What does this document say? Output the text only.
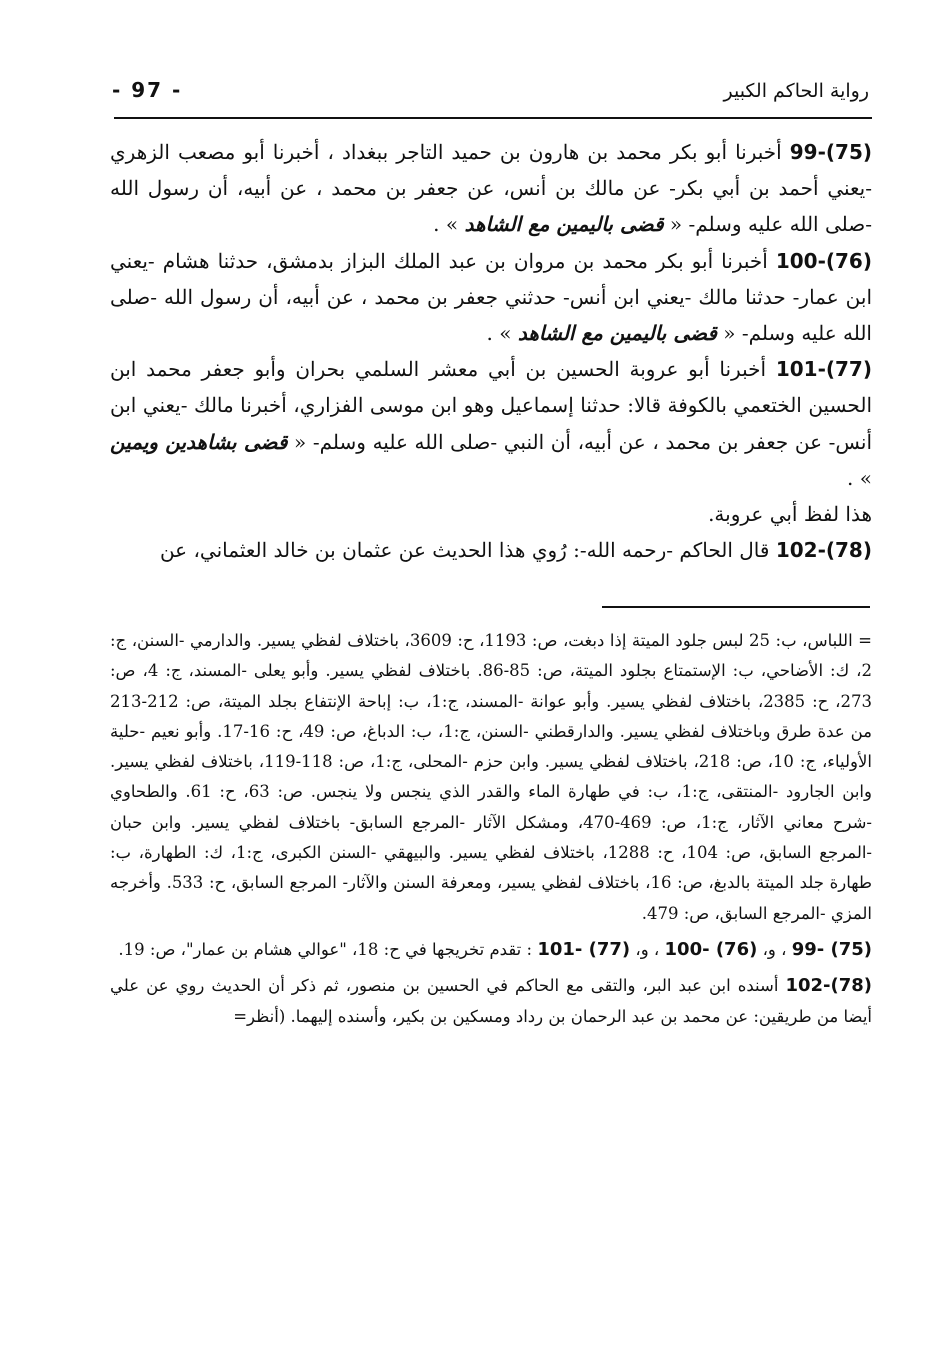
- 97 -	رواية الحاكم الكبير

99-(75) أخبرنا أبو بكر محمد بن هارون بن حميد التاجر ببغداد ، أخبرنا أبو مصعب الزهري -يعني أحمد بن أبي بكر- عن مالك بن أنس، عن جعفر بن محمد ، عن أبيه، أن رسول الله -صلى الله عليه وسلم- « قضى باليمين مع الشاهد » .

100-(76) أخبرنا أبو بكر محمد بن مروان بن عبد الملك البزاز بدمشق، حدثنا هشام -يعني ابن عمار- حدثنا مالك -يعني ابن أنس- حدثني جعفر بن محمد ، عن أبيه، أن رسول الله -صلى الله عليه وسلم- « قضى باليمين مع الشاهد » .

101-(77) أخبرنا أبو عروبة الحسين بن أبي معشر السلمي بحران وأبو جعفر محمد ابن الحسين الختعمي بالكوفة قالا: حدثنا إسماعيل وهو ابن موسى الفزاري، أخبرنا مالك -يعني ابن أنس- عن جعفر بن محمد ، عن أبيه، أن النبي -صلى الله عليه وسلم- « قضى بشاهدين ويمين » .

هذا لفظ أبي عروبة.

102-(78) قال الحاكم -رحمه الله-: رُوي هذا الحديث عن عثمان بن خالد العثماني، عن

= اللباس، ب: 25 لبس جلود الميتة إذا دبغت، ص: 1193، ح: 3609، باختلاف لفظي يسير. والدارمي -السنن، ج: 2، ك: الأضاحي، ب: الإستمتاع بجلود الميتة، ص: 85-86. باختلاف لفظي يسير. وأبو يعلى -المسند، ج: 4، ص: 273، ح: 2385، باختلاف لفظي يسير. وأبو عوانة -المسند، ج:1، ب: إباحة الإنتفاع بجلد الميتة، ص: 212-213 من عدة طرق وباختلاف لفظي يسير. والدارقطني -السنن، ج:1، ب: الدباغ، ص: 49، ح: 16-17. وأبو نعيم -حلية الأولياء، ج: 10، ص: 218، باختلاف لفظي يسير. وابن حزم -المحلى، ج:1، ص: 118-119، باختلاف لفظي يسير. وابن الجارود -المنتقى، ج:1، ب: في طهارة الماء والقدر الذي ينجس ولا ينجس. ص: 63، ح: 61. والطحاوي -شرح معاني الآثار، ج:1، ص: 469-470، ومشكل الآثار -المرجع السابق- باختلاف لفظي يسير. وابن حبان -المرجع السابق، ص: 104، ح: 1288، باختلاف لفظي يسير. والبيهقي -السنن الكبرى، ج:1، ك: الطهارة، ب: طهارة جلد الميتة بالدبغ، ص: 16، باختلاف لفظي يسير، ومعرفة السنن والآثار- المرجع السابق، ح: 533. وأخرجه المزي -المرجع السابق، ص: 479.

99- (75) ، و، 100- (76) ، و، 101- (77) : تقدم تخريجها في ح: 18، "عوالي هشام بن عمار"، ص: 19.

102-(78) أسنده ابن عبد البر، والتقى مع الحاكم في الحسين بن منصور، ثم ذكر أن الحديث روي عن علي أيضا من طريقين: عن محمد بن عبد الرحمان بن رداد ومسكين بن بكير، وأسنده إليهما. (أنظر=
